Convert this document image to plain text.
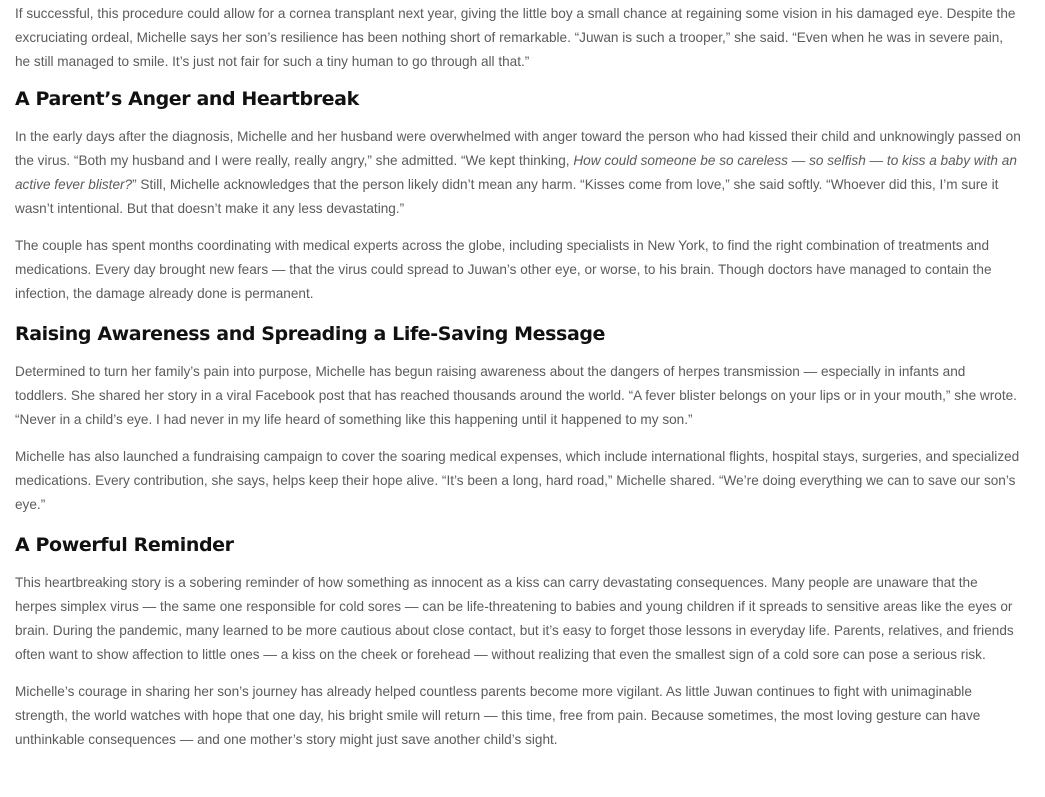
If successful, this procedure could allow for a cornea transplant next year, giving the little boy a small chance at regaining some vision in his damaged eye. Despite the excruciating ordeal, Michelle says her son’s resilience has been nothing short of remarkable. “Juwan is such a trooper,” she said. “Even when he was in severe pain, he still managed to smile. It’s just not fair for such a tiny human to go through all that.”

A Parent’s Anger and Heartbreak

In the early days after the diagnosis, Michelle and her husband were overwhelmed with anger toward the person who had kissed their child and unknowingly passed on the virus. “Both my husband and I were really, really angry,” she admitted. “We kept thinking, How could someone be so careless — so selfish — to kiss a baby with an active fever blister?” Still, Michelle acknowledges that the person likely didn’t mean any harm. “Kisses come from love,” she said softly. “Whoever did this, I’m sure it wasn’t intentional. But that doesn’t make it any less devastating.”

The couple has spent months coordinating with medical experts across the globe, including specialists in New York, to find the right combination of treatments and medications. Every day brought new fears — that the virus could spread to Juwan’s other eye, or worse, to his brain. Though doctors have managed to contain the infection, the damage already done is permanent.

Raising Awareness and Spreading a Life-Saving Message

Determined to turn her family’s pain into purpose, Michelle has begun raising awareness about the dangers of herpes transmission — especially in infants and toddlers. She shared her story in a viral Facebook post that has reached thousands around the world. “A fever blister belongs on your lips or in your mouth,” she wrote. “Never in a child’s eye. I had never in my life heard of something like this happening until it happened to my son.”

Michelle has also launched a fundraising campaign to cover the soaring medical expenses, which include international flights, hospital stays, surgeries, and specialized medications. Every contribution, she says, helps keep their hope alive. “It’s been a long, hard road,” Michelle shared. “We’re doing everything we can to save our son’s eye.”

A Powerful Reminder

This heartbreaking story is a sobering reminder of how something as innocent as a kiss can carry devastating consequences. Many people are unaware that the herpes simplex virus — the same one responsible for cold sores — can be life-threatening to babies and young children if it spreads to sensitive areas like the eyes or brain. During the pandemic, many learned to be more cautious about close contact, but it’s easy to forget those lessons in everyday life. Parents, relatives, and friends often want to show affection to little ones — a kiss on the cheek or forehead — without realizing that even the smallest sign of a cold sore can pose a serious risk.

Michelle’s courage in sharing her son’s journey has already helped countless parents become more vigilant. As little Juwan continues to fight with unimaginable strength, the world watches with hope that one day, his bright smile will return — this time, free from pain. Because sometimes, the most loving gesture can have unthinkable consequences — and one mother’s story might just save another child’s sight.
